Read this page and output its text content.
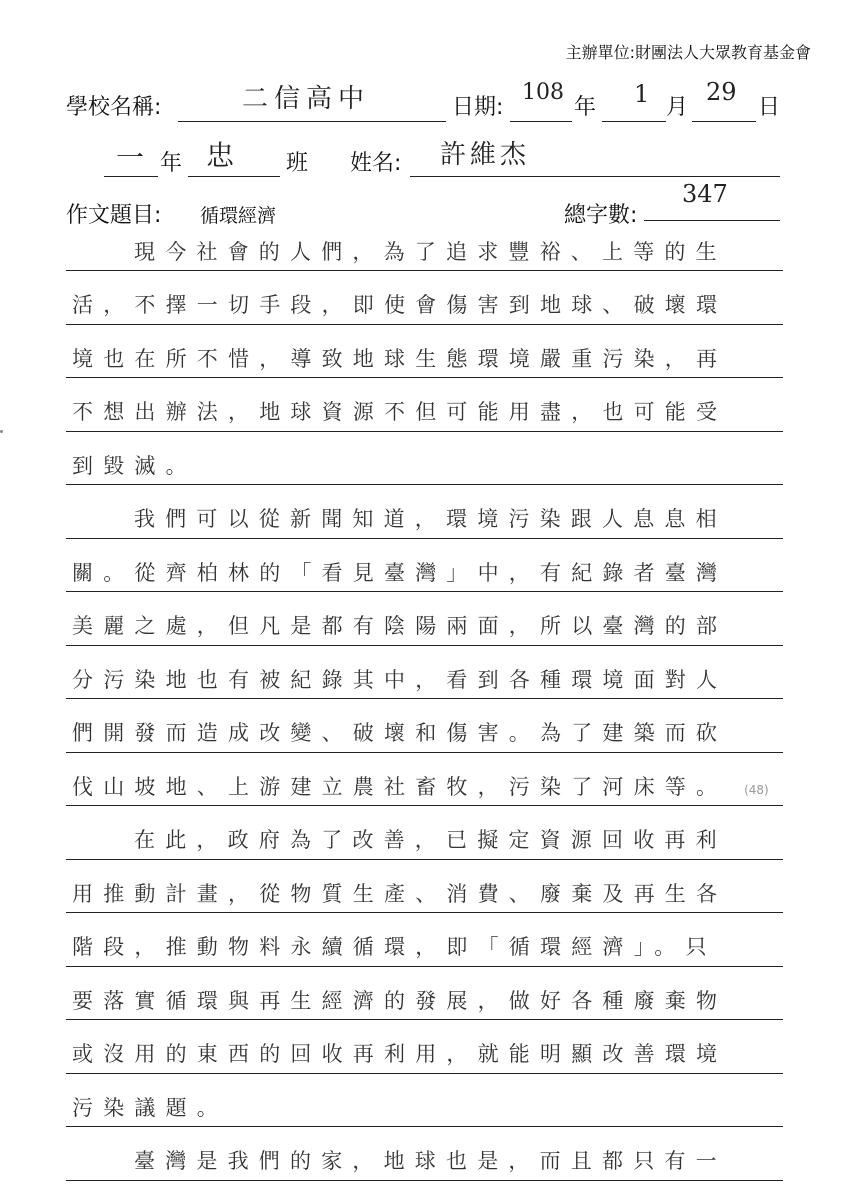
主辦單位:財團法人大眾教育基金會
學校名稱:	二信高中	日期:
108
年 1 月
29
日
一 年 忠 班 姓名: 許維杰
作文題目: 循環經濟	總字數:
347
現今社會的人們，為了追求豐裕、上等的生
活，不擇一切手段，即使會傷害到地球、破壞環
境也在所不惜，導致地球生態環境嚴重污染，再
不想出辦法，地球資源不但可能用盡，也可能受
到毀滅。
我們可以從新聞知道，環境污染跟人息息相
關。從齊柏林的「看見臺灣」中，有紀錄者臺灣
美麗之處，但凡是都有陰陽兩面，所以臺灣的部
分污染地也有被紀錄其中，看到各種環境面對人
們開發而造成改變、破壞和傷害。為了建築而砍
伐山坡地、上游建立農社畜牧，污染了河床等。 (48)
在此，政府為了改善，已擬定資源回收再利
用推動計畫，從物質生產、消費、廢棄及再生各
階段，推動物料永續循環，即「循環經濟」。只
要落實循環與再生經濟的發展，做好各種廢棄物
或沒用的東西的回收再利用，就能明顯改善環境
污染議題。
臺灣是我們的家，地球也是，而且都只有一
